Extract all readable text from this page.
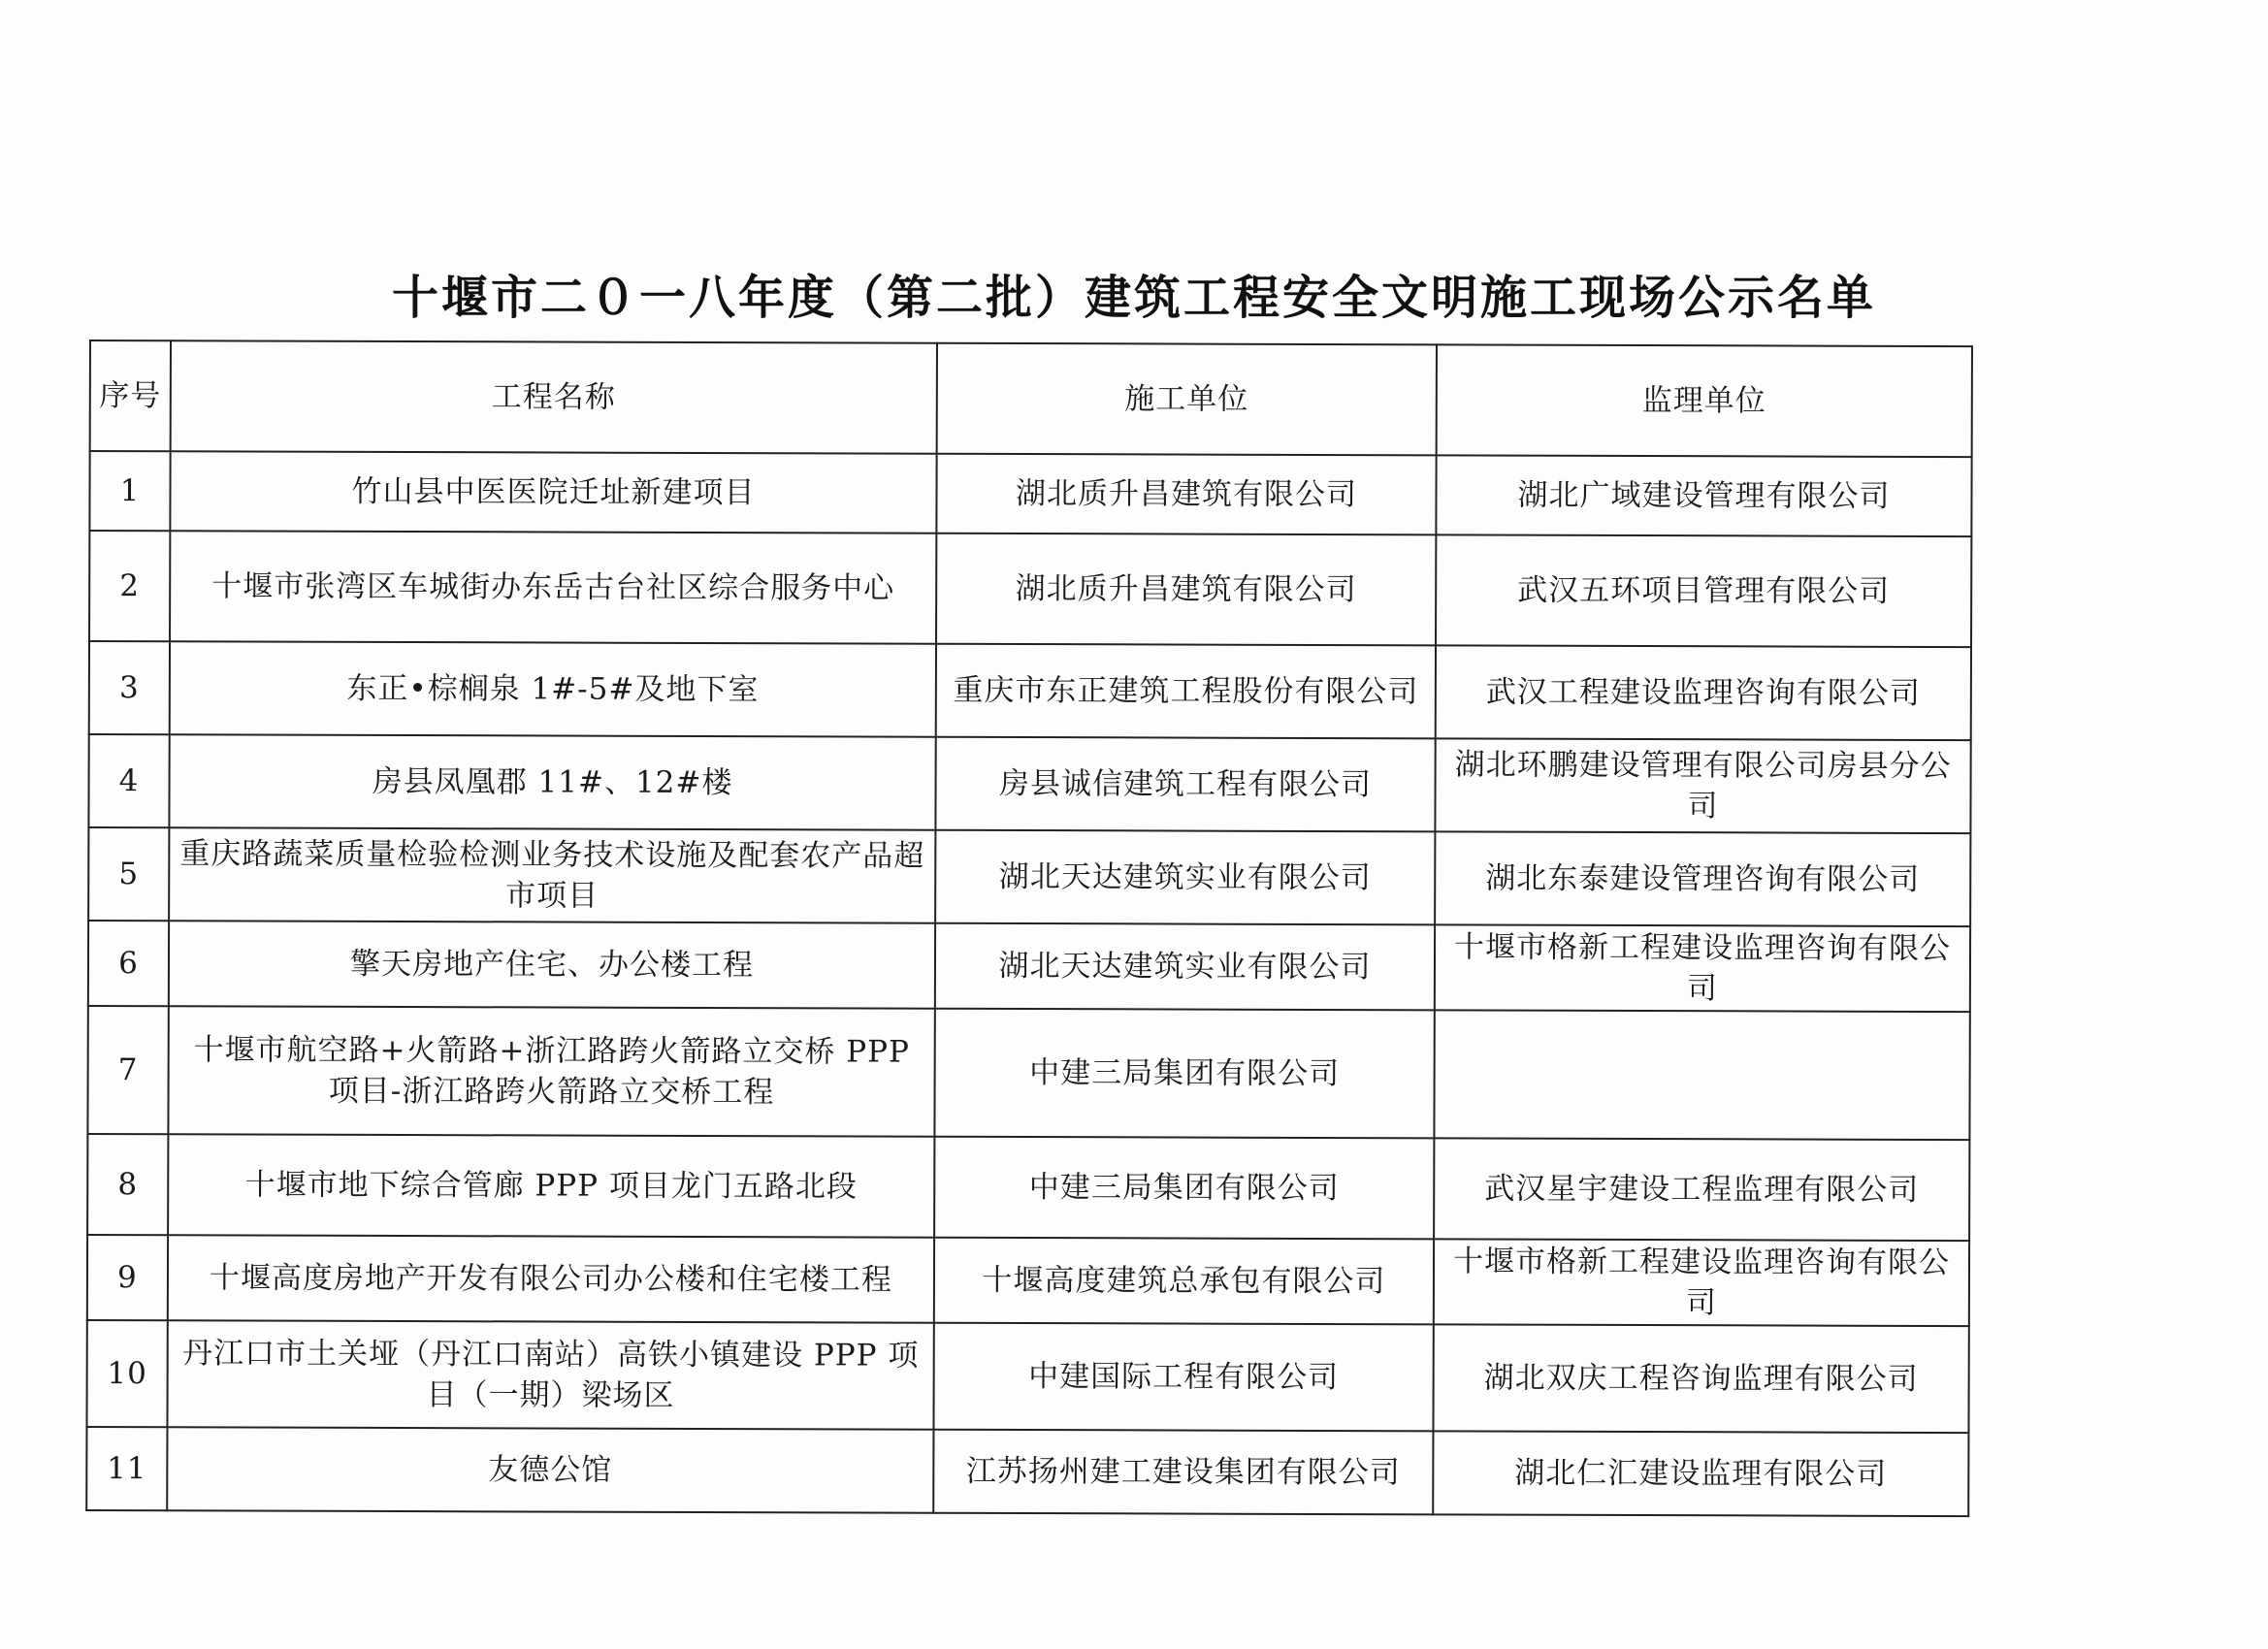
十堰市二０一八年度（第二批）建筑工程安全文明施工现场公示名单
序号	工程名称	施工单位	监理单位
1	竹山县中医医院迁址新建项目	湖北质升昌建筑有限公司	湖北广域建设管理有限公司
2	十堰市张湾区车城街办东岳古台社区综合服务中心	湖北质升昌建筑有限公司	武汉五环项目管理有限公司
3	东正•棕榈泉 1#-5#及地下室	重庆市东正建筑工程股份有限公司	武汉工程建设监理咨询有限公司
4	房县凤凰郡 11#、12#楼	房县诚信建筑工程有限公司	湖北环鹏建设管理有限公司房县分公司
5	重庆路蔬菜质量检验检测业务技术设施及配套农产品超市项目	湖北天达建筑实业有限公司	湖北东泰建设管理咨询有限公司
6	擎天房地产住宅、办公楼工程	湖北天达建筑实业有限公司	十堰市格新工程建设监理咨询有限公司
7	十堰市航空路+火箭路+浙江路跨火箭路立交桥 PPP 项目-浙江路跨火箭路立交桥工程	中建三局集团有限公司	
8	十堰市地下综合管廊 PPP 项目龙门五路北段	中建三局集团有限公司	武汉星宇建设工程监理有限公司
9	十堰高度房地产开发有限公司办公楼和住宅楼工程	十堰高度建筑总承包有限公司	十堰市格新工程建设监理咨询有限公司
10	丹江口市土关垭（丹江口南站）高铁小镇建设 PPP 项目（一期）梁场区	中建国际工程有限公司	湖北双庆工程咨询监理有限公司
11	友德公馆	江苏扬州建工建设集团有限公司	湖北仁汇建设监理有限公司
